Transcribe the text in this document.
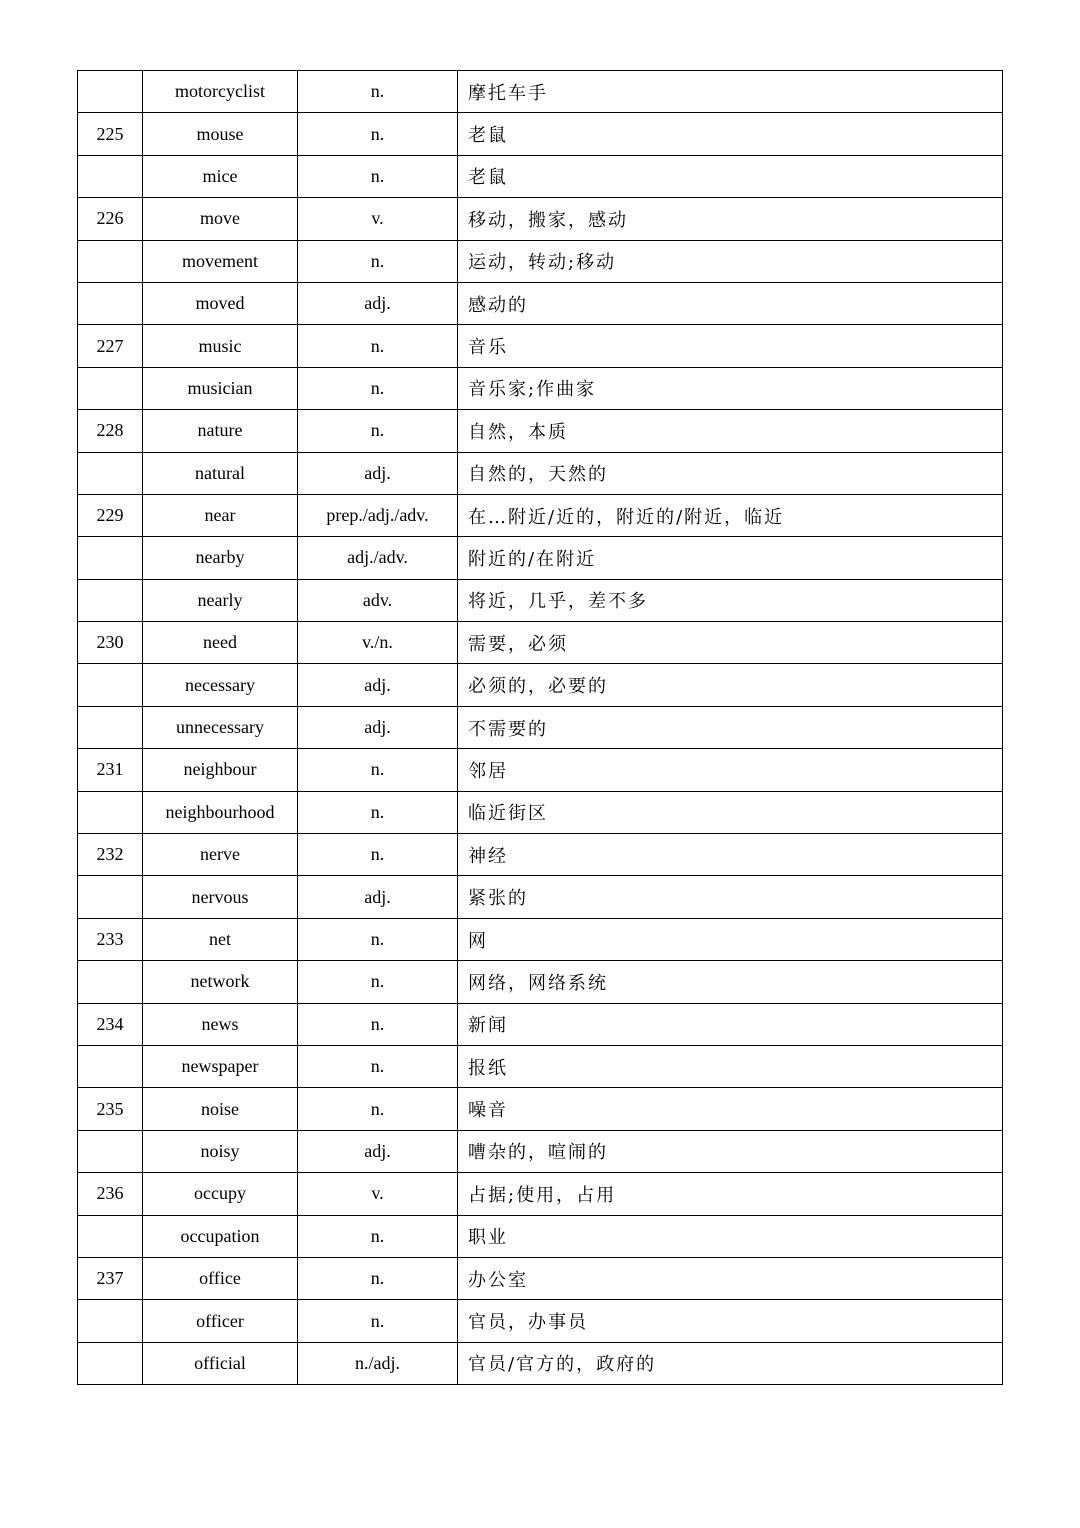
	motorcyclist	n.	摩托车手
225	mouse	n.	老鼠
	mice	n.	老鼠
226	move	v.	移动，搬家，感动
	movement	n.	运动，转动;移动
	moved	adj.	感动的
227	music	n.	音乐
	musician	n.	音乐家;作曲家
228	nature	n.	自然，本质
	natural	adj.	自然的，天然的
229	near	prep./adj./adv.	在…附近/近的，附近的/附近，临近
	nearby	adj./adv.	附近的/在附近
	nearly	adv.	将近，几乎，差不多
230	need	v./n.	需要，必须
	necessary	adj.	必须的，必要的
	unnecessary	adj.	不需要的
231	neighbour	n.	邻居
	neighbourhood	n.	临近街区
232	nerve	n.	神经
	nervous	adj.	紧张的
233	net	n.	网
	network	n.	网络，网络系统
234	news	n.	新闻
	newspaper	n.	报纸
235	noise	n.	噪音
	noisy	adj.	嘈杂的，喧闹的
236	occupy	v.	占据;使用，占用
	occupation	n.	职业
237	office	n.	办公室
	officer	n.	官员，办事员
	official	n./adj.	官员/官方的，政府的
